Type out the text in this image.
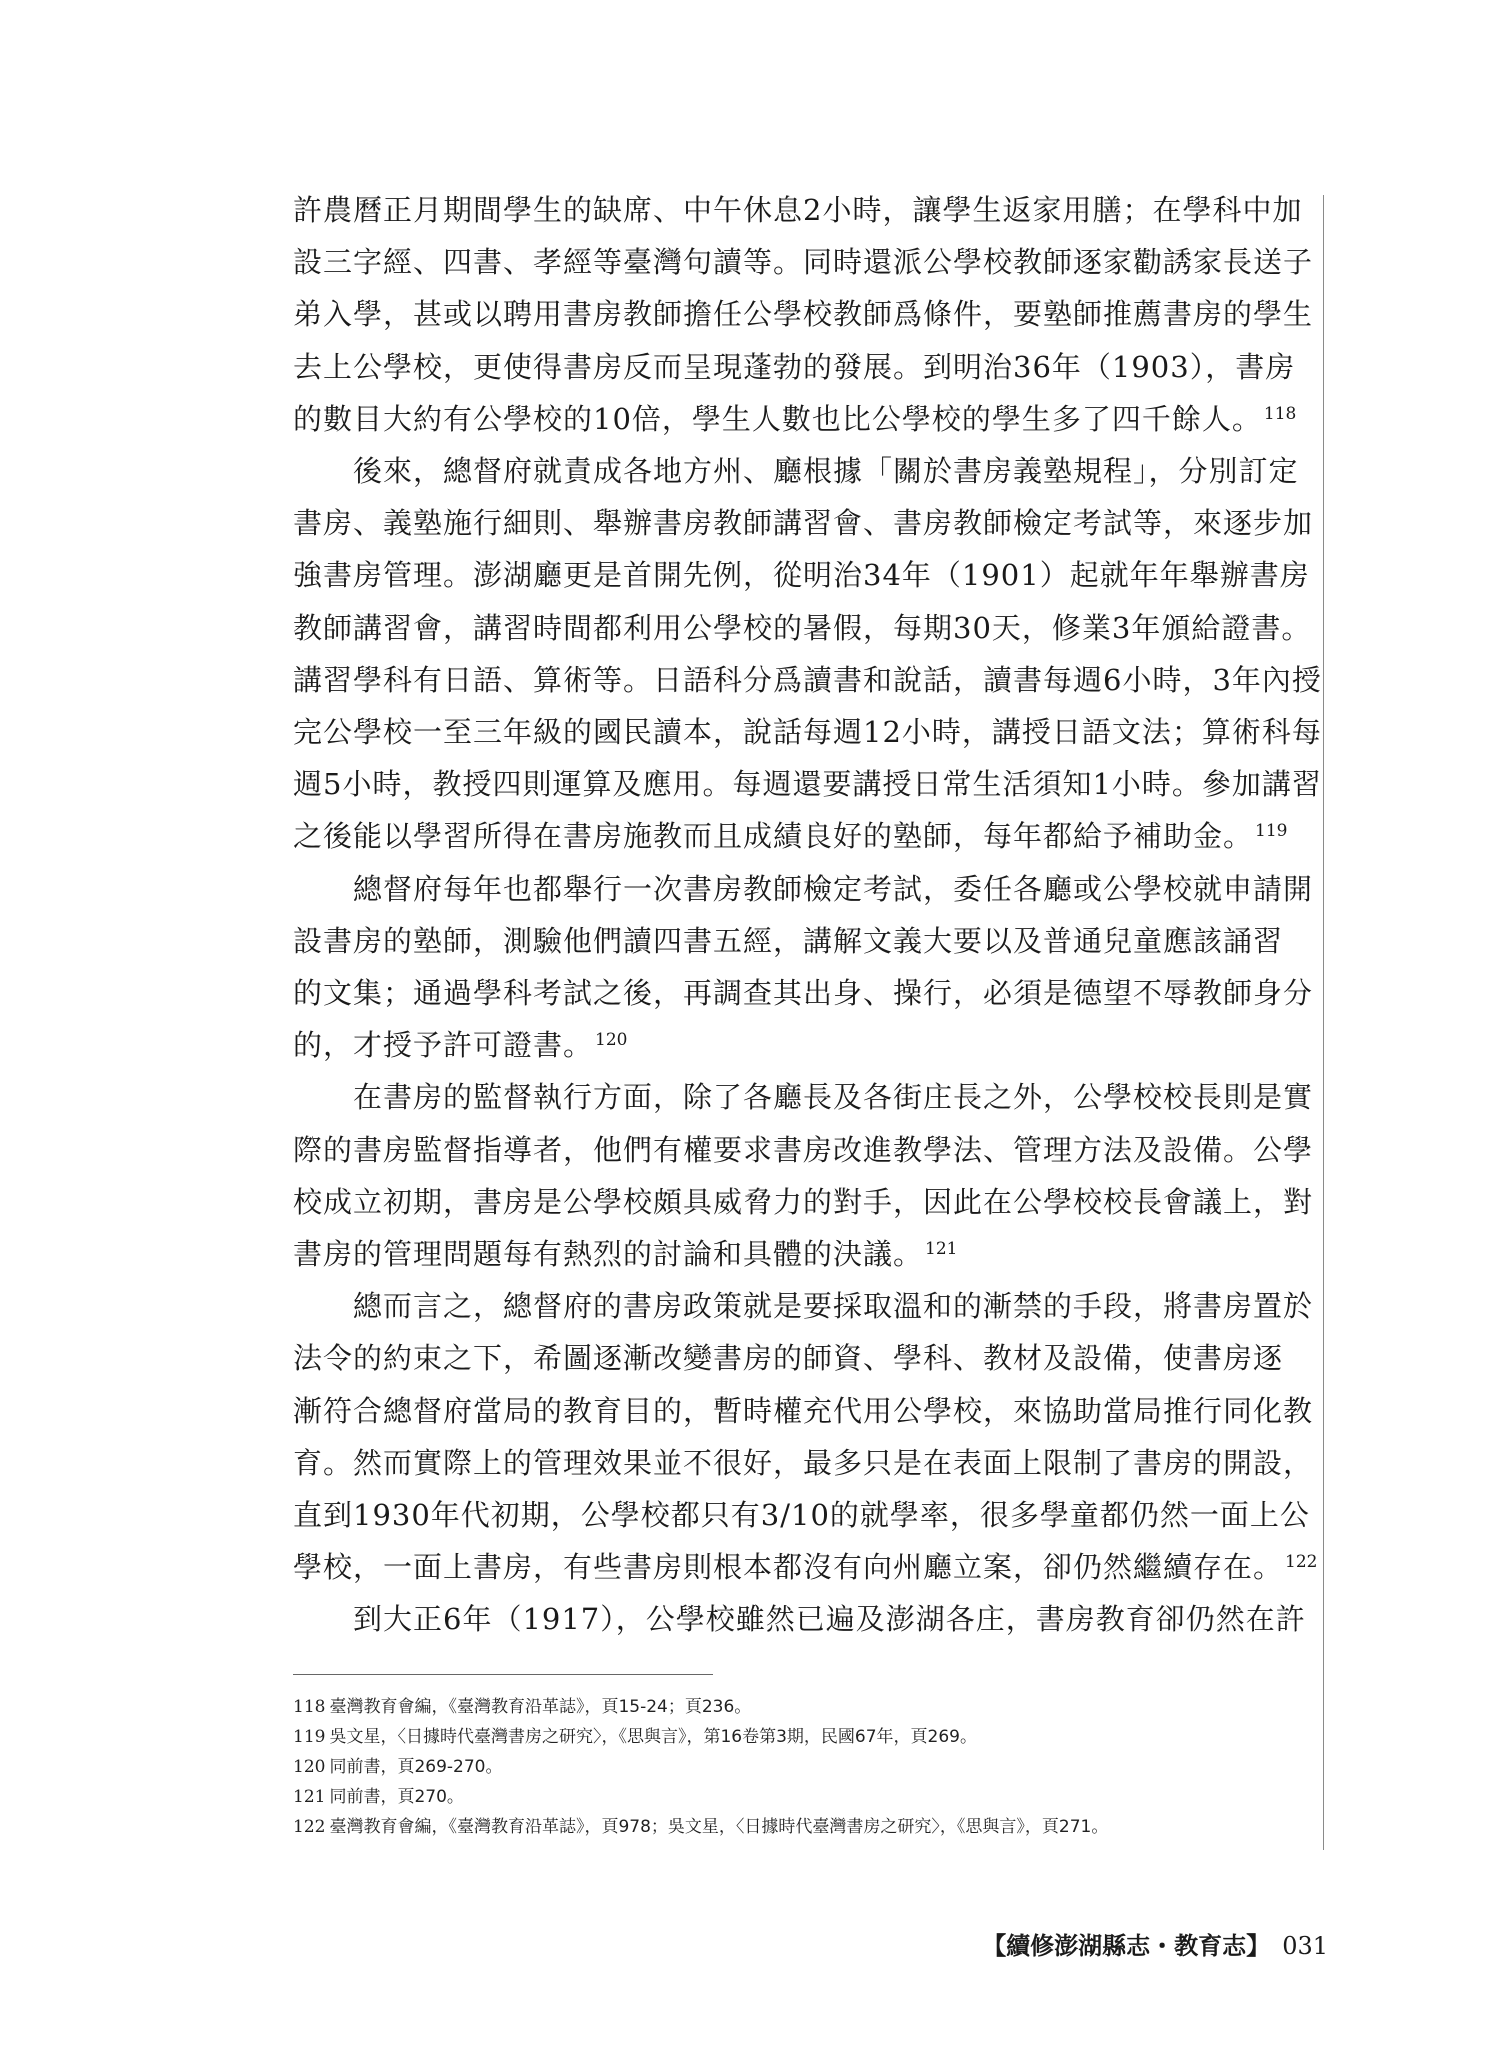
許農曆正月期間學生的缺席、中午休息2小時，讓學生返家用膳；在學科中加
設三字經、四書、孝經等臺灣句讀等。同時還派公學校教師逐家勸誘家長送子
弟入學，甚或以聘用書房教師擔任公學校教師爲條件，要塾師推薦書房的學生
去上公學校，更使得書房反而呈現蓬勃的發展。到明治36年（1903），書房
的數目大約有公學校的10倍，學生人數也比公學校的學生多了四千餘人。 $^{118}$

後來，總督府就責成各地方州、廳根據「關於書房義塾規程」，分別訂定
書房、義塾施行細則、舉辦書房教師講習會、書房教師檢定考試等，來逐步加
強書房管理。澎湖廳更是首開先例，從明治34年（1901）起就年年舉辦書房
教師講習會，講習時間都利用公學校的暑假，每期30天，修業3年頒給證書。
講習學科有日語、算術等。日語科分爲讀書和說話，讀書每週6小時，3年內授
完公學校一至三年級的國民讀本，說話每週12小時，講授日語文法；算術科每
週5小時，教授四則運算及應用。每週還要講授日常生活須知1小時。參加講習
之後能以學習所得在書房施教而且成績良好的塾師，每年都給予補助金。 $^{119}$

總督府每年也都舉行一次書房教師檢定考試，委任各廳或公學校就申請開
設書房的塾師，測驗他們讀四書五經，講解文義大要以及普通兒童應該誦習
的文集；通過學科考試之後，再調查其出身、操行，必須是德望不辱教師身分
的，才授予許可證書。 $^{120}$

在書房的監督執行方面，除了各廳長及各街庄長之外，公學校校長則是實
際的書房監督指導者，他們有權要求書房改進教學法、管理方法及設備。公學
校成立初期，書房是公學校頗具威脅力的對手，因此在公學校校長會議上，對
書房的管理問題每有熱烈的討論和具體的決議。 $^{121}$

總而言之，總督府的書房政策就是要採取溫和的漸禁的手段，將書房置於
法令的約束之下，希圖逐漸改變書房的師資、學科、教材及設備，使書房逐
漸符合總督府當局的教育目的，暫時權充代用公學校，來協助當局推行同化教
育。然而實際上的管理效果並不很好，最多只是在表面上限制了書房的開設，
直到1930年代初期，公學校都只有3/10的就學率，很多學童都仍然一面上公
學校，一面上書房，有些書房則根本都沒有向州廳立案，卻仍然繼續存在。 $^{122}$

到大正6年（1917），公學校雖然已遍及澎湖各庄，書房教育卻仍然在許

118 臺灣教育會編，《臺灣教育沿革誌》，頁15-24；頁236。
119 吳文星，〈日據時代臺灣書房之研究〉，《思與言》，第16卷第3期，民國67年，頁269。
120 同前書，頁269-270。
121 同前書，頁270。
122 臺灣教育會編，《臺灣教育沿革誌》，頁978；吳文星，〈日據時代臺灣書房之研究〉，《思與言》，頁271。
【續修澎湖縣志・教育志】 031
